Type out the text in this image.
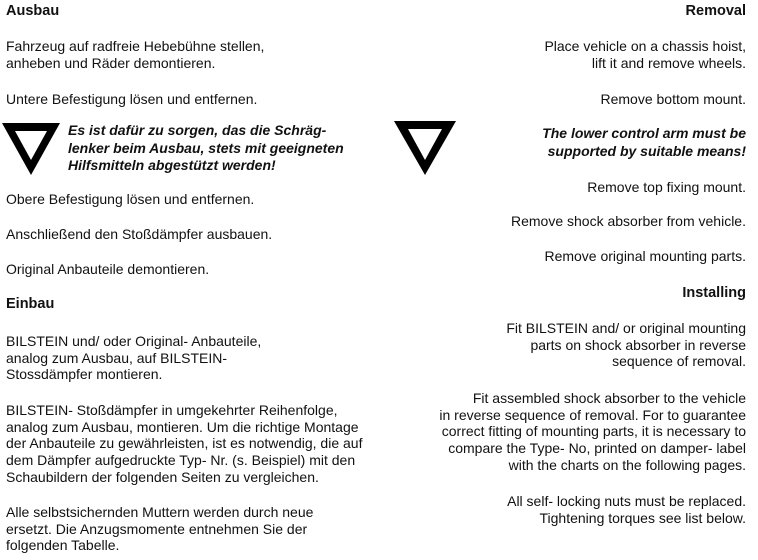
Ausbau
Fahrzeug auf radfreie Hebebühne stellen,
anheben und Räder demontieren.
Untere Befestigung lösen und entfernen.
Es ist dafür zu sorgen, das die Schräg-
lenker beim Ausbau, stets mit geeigneten
Hilfsmitteln abgestützt werden!
Obere Befestigung lösen und entfernen.
Anschließend den Stoßdämpfer ausbauen.
Original Anbauteile demontieren.
Einbau
BILSTEIN und/ oder Original- Anbauteile,
analog zum Ausbau, auf BILSTEIN-
Stossdämpfer montieren.
BILSTEIN- Stoßdämpfer in umgekehrter Reihenfolge,
analog zum Ausbau, montieren. Um die richtige Montage
der Anbauteile zu gewährleisten, ist es notwendig, die auf
dem Dämpfer aufgedruckte Typ- Nr. (s. Beispiel) mit den
Schaubildern der folgenden Seiten zu vergleichen.
Alle selbstsichernden Muttern werden durch neue
ersetzt. Die Anzugsmomente entnehmen Sie der
folgenden Tabelle.
Removal
Place vehicle on a chassis hoist,
lift it and remove wheels.
Remove bottom mount.
The lower control arm must be
supported by suitable means!
Remove top fixing mount.
Remove shock absorber from vehicle.
Remove original mounting parts.
Installing
Fit BILSTEIN and/ or original mounting
parts on shock absorber in reverse
sequence of removal.
Fit assembled shock absorber to the vehicle
in reverse sequence of removal. For to guarantee
correct fitting of mounting parts, it is necessary to
compare the Type- No, printed on damper- label
with the charts on the following pages.
All self- locking nuts must be replaced.
Tightening torques see list below.
